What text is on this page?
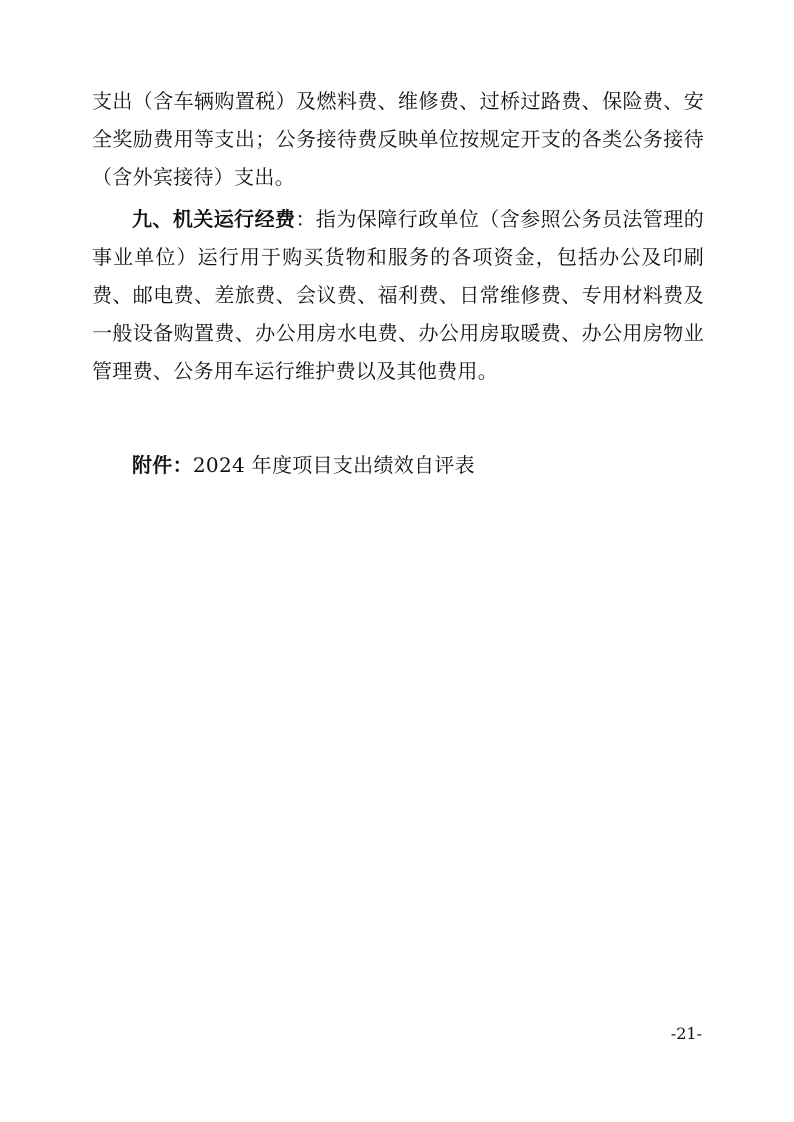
支出（含车辆购置税）及燃料费、维修费、过桥过路费、保险费、安全奖励费用等支出；公务接待费反映单位按规定开支的各类公务接待（含外宾接待）支出。

九、机关运行经费：指为保障行政单位（含参照公务员法管理的事业单位）运行用于购买货物和服务的各项资金，包括办公及印刷费、邮电费、差旅费、会议费、福利费、日常维修费、专用材料费及一般设备购置费、办公用房水电费、办公用房取暖费、办公用房物业管理费、公务用车运行维护费以及其他费用。

附件：2024 年度项目支出绩效自评表

-21-
